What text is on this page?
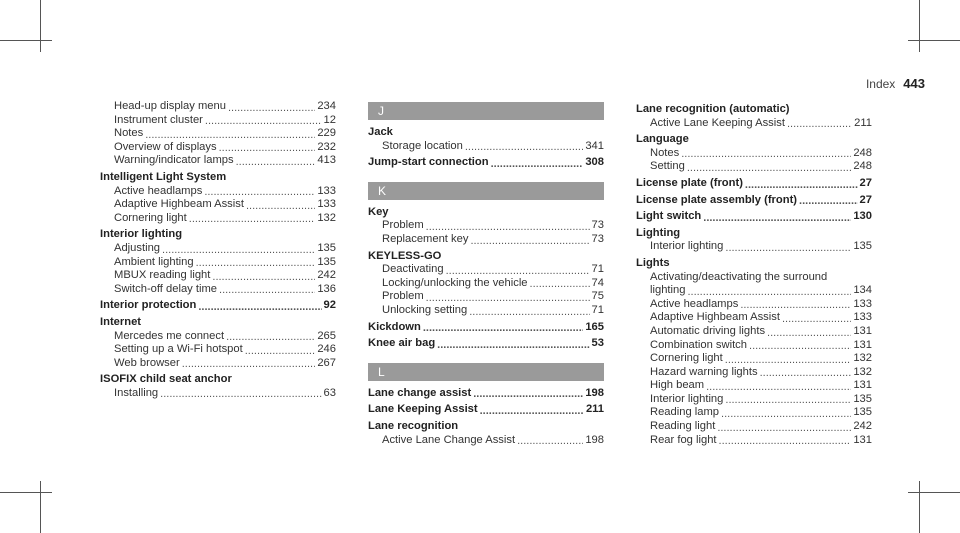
Index 443
Head-up display menu .....	234
Instrument cluster .....	12
Notes .....	229
Overview of displays .....	232
Warning/indicator lamps .....	413
Intelligent Light System
Active headlamps .....	133
Adaptive Highbeam Assist .....	133
Cornering light .....	132
Interior lighting
Adjusting .....	135
Ambient lighting .....	135
MBUX reading light .....	242
Switch-off delay time .....	136
Interior protection .....	92
Internet
Mercedes me connect .....	265
Setting up a Wi-Fi hotspot .....	246
Web browser .....	267
ISOFIX child seat anchor
Installing .....	63
J
Jack
Storage location .....	341
Jump-start connection .....	308
K
Key
Problem .....	73
Replacement key .....	73
KEYLESS-GO
Deactivating .....	71
Locking/unlocking the vehicle .....	74
Problem .....	75
Unlocking setting .....	71
Kickdown .....	165
Knee air bag .....	53
L
Lane change assist .....	198
Lane Keeping Assist .....	211
Lane recognition
Active Lane Change Assist .....	198
Lane recognition (automatic)
Active Lane Keeping Assist .....	211
Language
Notes .....	248
Setting .....	248
License plate (front) .....	27
License plate assembly (front) .....	27
Light switch .....	130
Lighting
Interior lighting .....	135
Lights
Activating/deactivating the surround
lighting .....	134
Active headlamps .....	133
Adaptive Highbeam Assist .....	133
Automatic driving lights .....	131
Combination switch .....	131
Cornering light .....	132
Hazard warning lights .....	132
High beam .....	131
Interior lighting .....	135
Reading lamp .....	135
Reading light .....	242
Rear fog light .....	131
